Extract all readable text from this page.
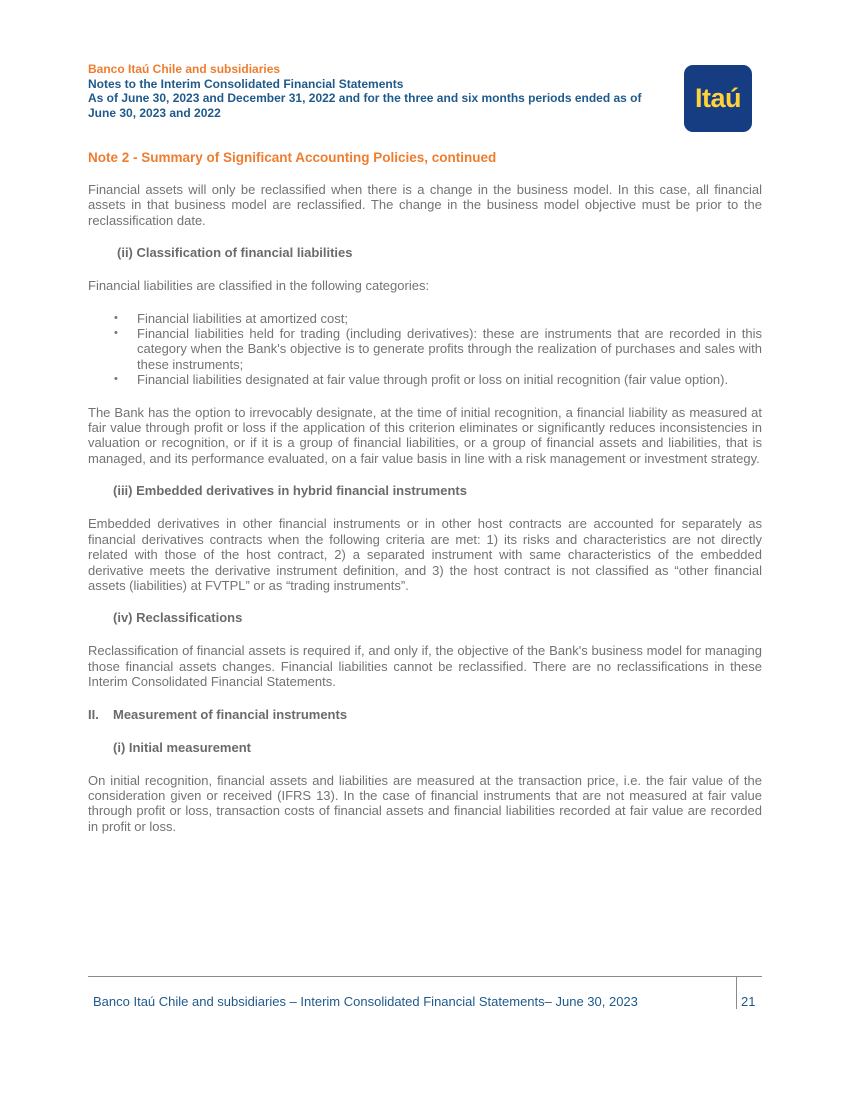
Banco Itaú Chile and subsidiaries
Notes to the Interim Consolidated Financial Statements
As of June 30, 2023 and December 31, 2022 and for the three and six months periods ended as of
June 30, 2023 and 2022	Itaú
Note 2 - Summary of Significant Accounting Policies, continued

Financial assets will only be reclassified when there is a change in the business model. In this case, all financial assets in that business model are reclassified. The change in the business model objective must be prior to the reclassification date.

(ii) Classification of financial liabilities

Financial liabilities are classified in the following categories:

• Financial liabilities at amortized cost;
• Financial liabilities held for trading (including derivatives): these are instruments that are recorded in this category when the Bank's objective is to generate profits through the realization of purchases and sales with these instruments;
• Financial liabilities designated at fair value through profit or loss on initial recognition (fair value option).

The Bank has the option to irrevocably designate, at the time of initial recognition, a financial liability as measured at fair value through profit or loss if the application of this criterion eliminates or significantly reduces inconsistencies in valuation or recognition, or if it is a group of financial liabilities, or a group of financial assets and liabilities, that is managed, and its performance evaluated, on a fair value basis in line with a risk management or investment strategy.

(iii) Embedded derivatives in hybrid financial instruments

Embedded derivatives in other financial instruments or in other host contracts are accounted for separately as financial derivatives contracts when the following criteria are met: 1) its risks and characteristics are not directly related with those of the host contract, 2) a separated instrument with same characteristics of the embedded derivative meets the derivative instrument definition, and 3) the host contract is not classified as “other financial assets (liabilities) at FVTPL” or as “trading instruments”.

(iv) Reclassifications

Reclassification of financial assets is required if, and only if, the objective of the Bank's business model for managing those financial assets changes. Financial liabilities cannot be reclassified. There are no reclassifications in these Interim Consolidated Financial Statements.

II. Measurement of financial instruments
(i) Initial measurement

On initial recognition, financial assets and liabilities are measured at the transaction price, i.e. the fair value of the consideration given or received (IFRS 13). In the case of financial instruments that are not measured at fair value through profit or loss, transaction costs of financial assets and financial liabilities recorded at fair value are recorded in profit or loss.

Banco Itaú Chile and subsidiaries – Interim Consolidated Financial Statements– June 30, 2023	21
